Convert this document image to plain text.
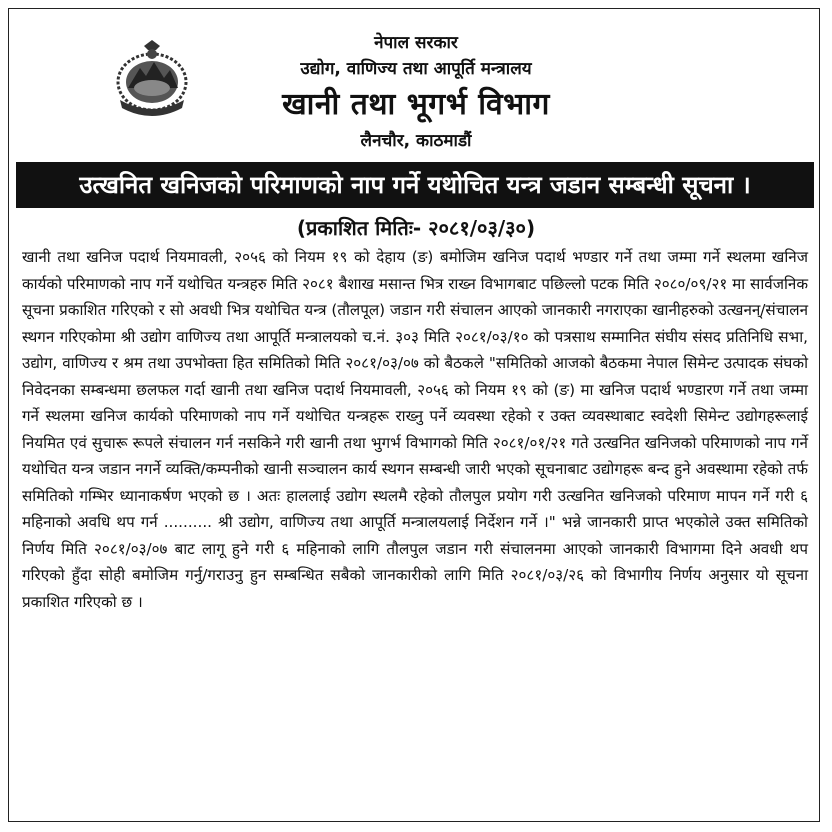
नेपाल सरकार
उद्योग, वाणिज्य तथा आपूर्ति मन्त्रालय
खानी तथा भूगर्भ विभाग
लैनचौर, काठमाडौं
उत्खनित खनिजको परिमाणको नाप गर्ने यथोचित यन्त्र जडान सम्बन्धी सूचना ।
(प्रकाशित मितिः- २०८१/०३/३०)

खानी तथा खनिज पदार्थ नियमावली, २०५६ को नियम १९ को देहाय (ङ) बमोजिम खनिज पदार्थ भण्डार गर्ने तथा जम्मा गर्ने स्थलमा खनिज कार्यको परिमाणको नाप गर्ने यथोचित यन्त्रहरु मिति २०८१ बैशाख मसान्त भित्र राख्न विभागबाट पछिल्लो पटक मिति २०८०/०९/२१ मा सार्वजनिक सूचना प्रकाशित गरिएको र सो अवधी भित्र यथोचित यन्त्र (तौलपूल) जडान गरी संचालन आएको जानकारी नगराएका खानीहरुको उत्खनन्/संचालन स्थगन गरिएकोमा श्री उद्योग वाणिज्य तथा आपूर्ति मन्त्रालयको च.नं. ३०३ मिति २०८१/०३/१० को पत्रसाथ सम्मानित संघीय संसद प्रतिनिधि सभा, उद्योग, वाणिज्य र श्रम तथा उपभोक्ता हित समितिको मिति २०८१/०३/०७ को बैठकले "समितिको आजको बैठकमा नेपाल सिमेन्ट उत्पादक संघको निवेदनका सम्बन्धमा छलफल गर्दा खानी तथा खनिज पदार्थ नियमावली, २०५६ को नियम १९ को (ङ) मा खनिज पदार्थ भण्डारण गर्ने तथा जम्मा गर्ने स्थलमा खनिज कार्यको परिमाणको नाप गर्ने यथोचित यन्त्रहरू राख्नु पर्ने व्यवस्था रहेको र उक्त व्यवस्थाबाट स्वदेशी सिमेन्ट उद्योगहरूलाई नियमित एवं सुचारू रूपले संचालन गर्न नसकिने गरी खानी तथा भुगर्भ विभागको मिति २०८१/०१/२१ गते उत्खनित खनिजको परिमाणको नाप गर्ने यथोचित यन्त्र जडान नगर्ने व्यक्ति/कम्पनीको खानी सञ्चालन कार्य स्थगन सम्बन्धी जारी भएको सूचनाबाट उद्योगहरू बन्द हुने अवस्थामा रहेको तर्फ समितिको गम्भिर ध्यानाकर्षण भएको छ । अतः हाललाई उद्योग स्थलमै रहेको तौलपुल प्रयोग गरी उत्खनित खनिजको परिमाण मापन गर्ने गरी ६ महिनाको अवधि थप गर्न .......... श्री उद्योग, वाणिज्य तथा आपूर्ति मन्त्रालयलाई निर्देशन गर्ने ।" भन्ने जानकारी प्राप्त भएकोले उक्त समितिको निर्णय मिति २०८१/०३/०७ बाट लागू हुने गरी ६ महिनाको लागि तौलपुल जडान गरी संचालनमा आएको जानकारी विभागमा दिने अवधी थप गरिएको हुँदा सोही बमोजिम गर्नु/गराउनु हुन सम्बन्धित सबैको जानकारीको लागि मिति २०८१/०३/२६ को विभागीय निर्णय अनुसार यो सूचना प्रकाशित गरिएको छ ।
